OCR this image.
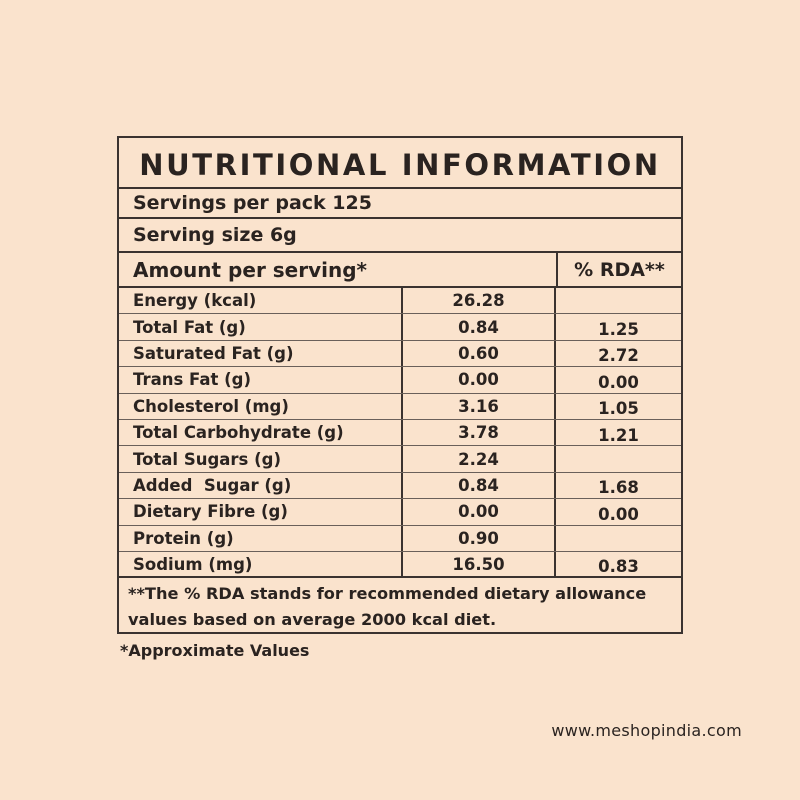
NUTRITIONAL INFORMATION
Servings per pack 125
Serving size 6g
Amount per serving*	% RDA**
Energy (kcal)	26.28
Total Fat (g)	0.84	1.25
Saturated Fat (g)	0.60	2.72
Trans Fat (g)	0.00	0.00
Cholesterol (mg)	3.16	1.05
Total Carbohydrate (g)	3.78	1.21
Total Sugars (g)	2.24
Added  Sugar (g)	0.84	1.68
Dietary Fibre (g)	0.00	0.00
Protein (g)	0.90
Sodium (mg)	16.50	0.83
**The % RDA stands for recommended dietary allowance values based on average 2000 kcal diet.
*Approximate Values
www.meshopindia.com
